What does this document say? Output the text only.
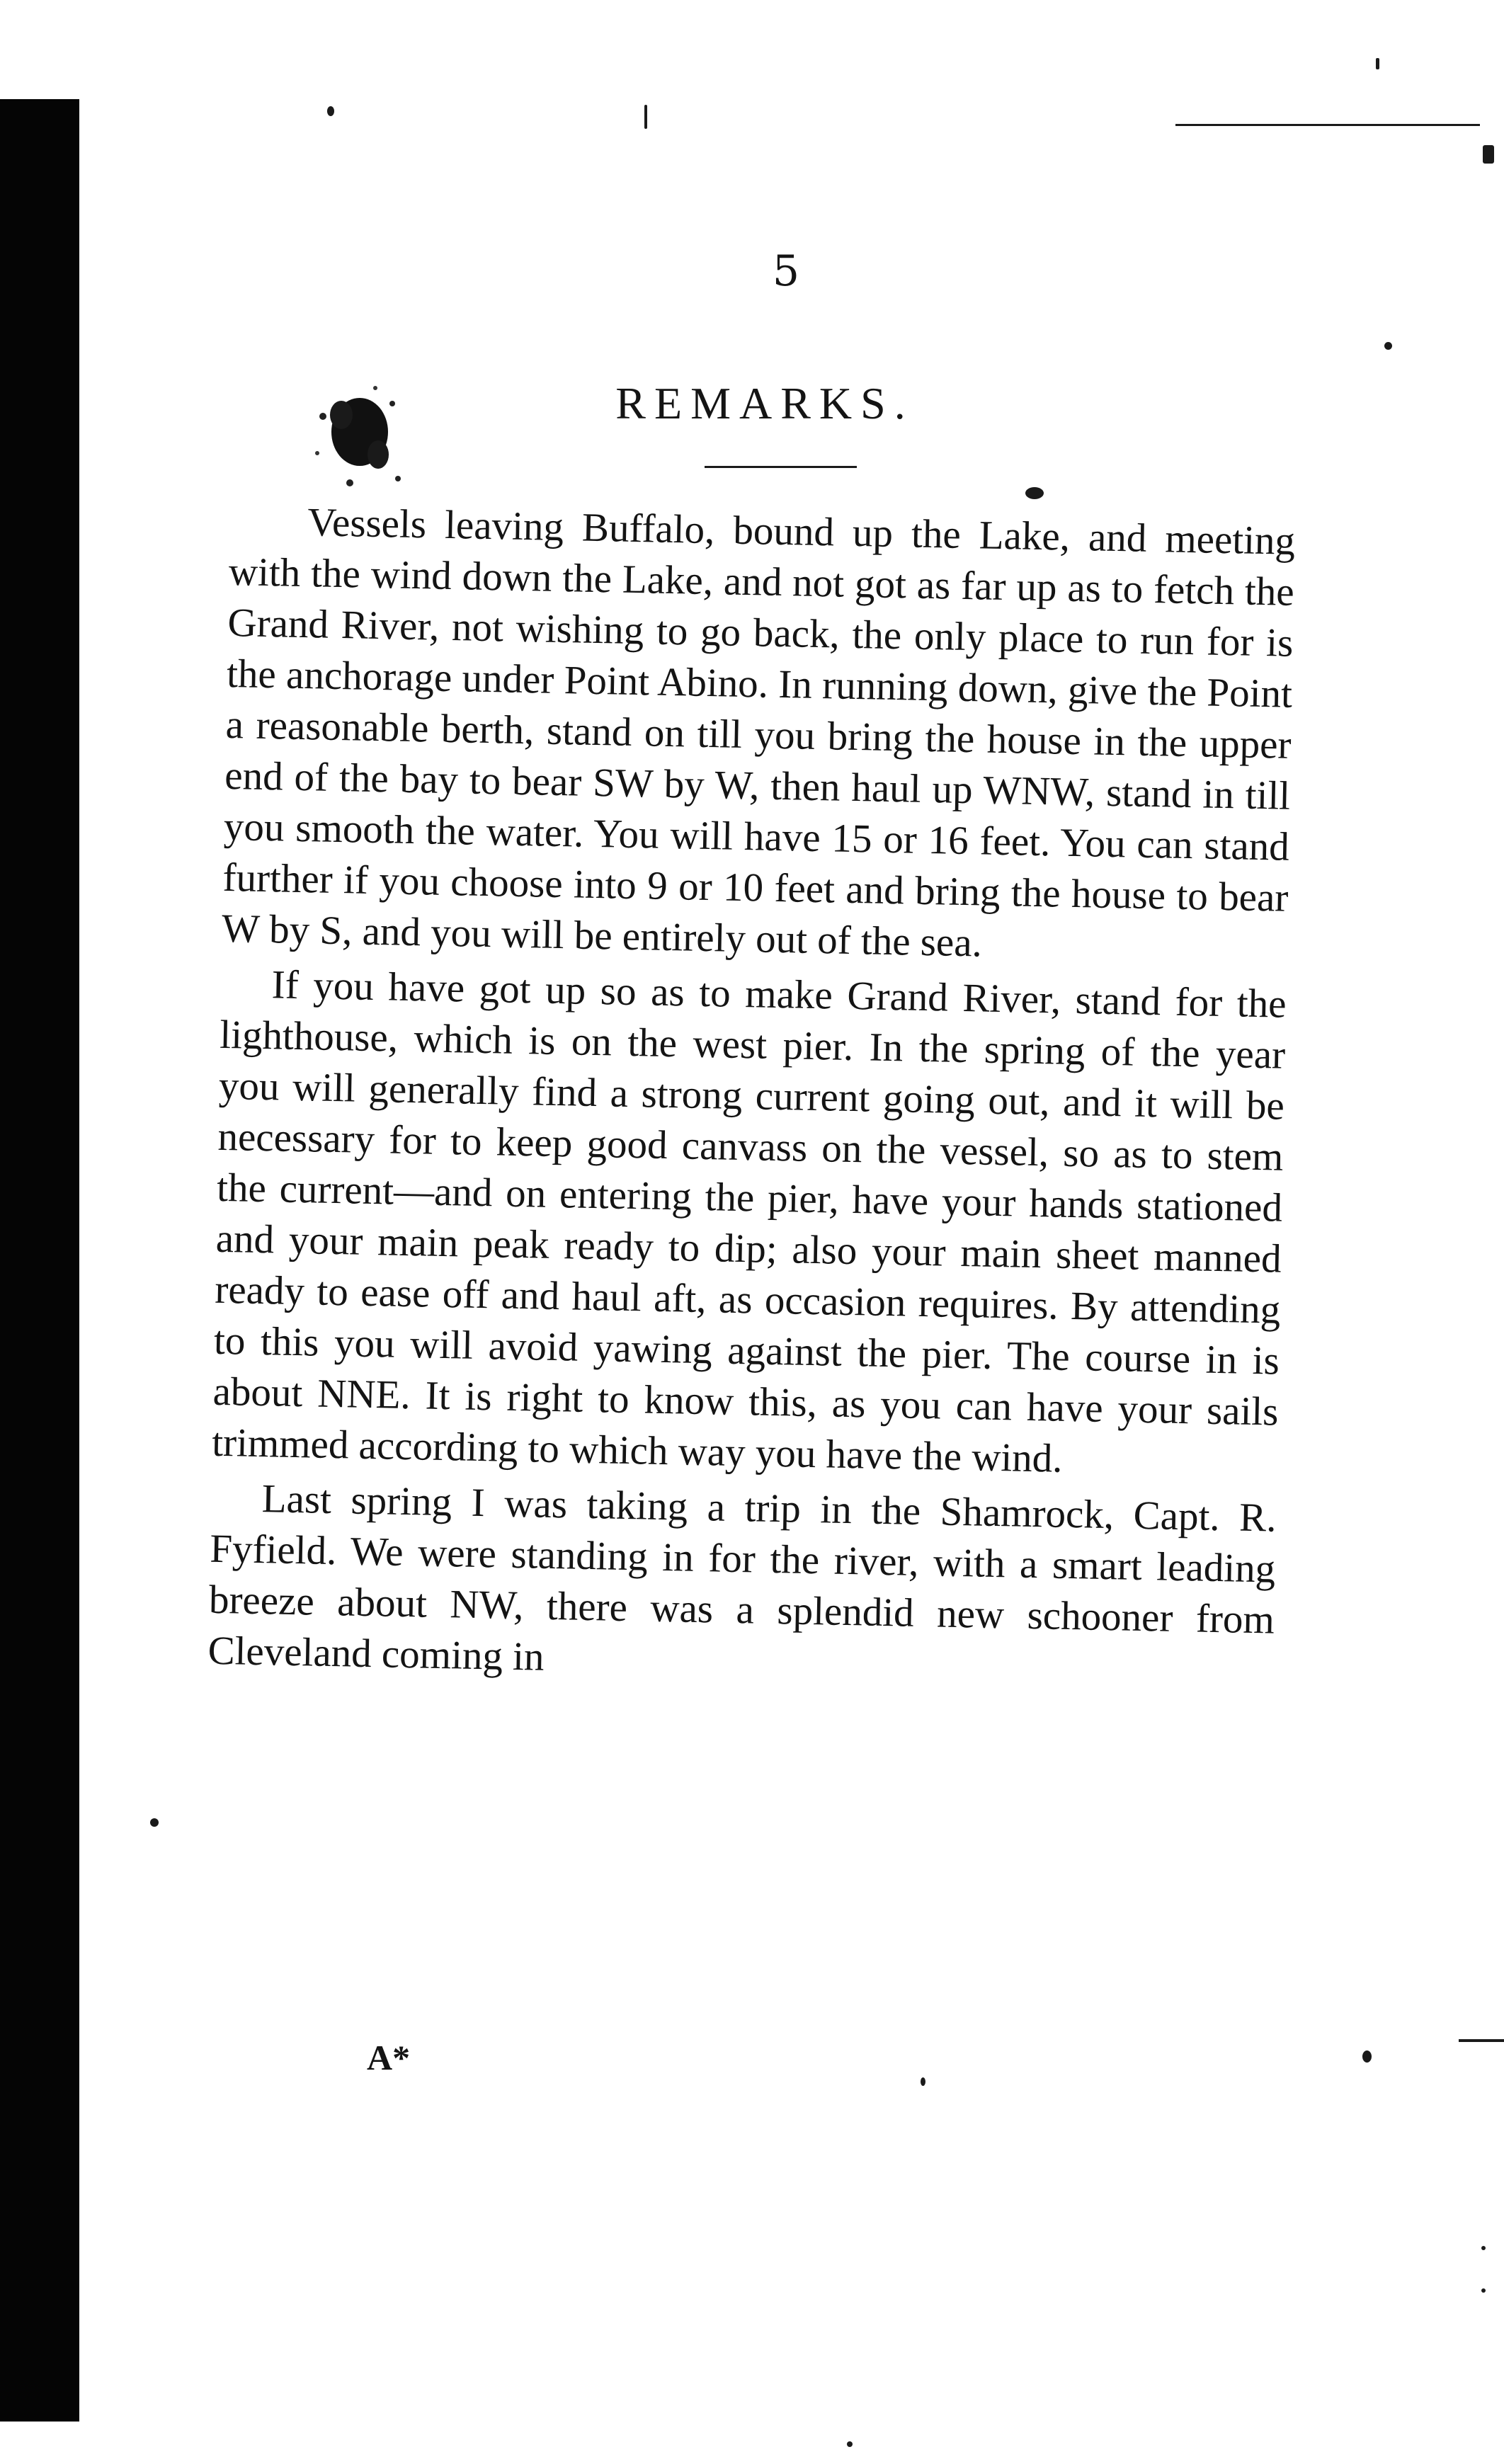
5
REMARKS.

Vessels leaving Buffalo, bound up the Lake, and meeting with the wind down the Lake, and not got as far up as to fetch the Grand River, not wishing to go back, the only place to run for is the anchorage under Point Abino. In running down, give the Point a reasonable berth, stand on till you bring the house in the upper end of the bay to bear SW by W, then haul up WNW, stand in till you smooth the water. You will have 15 or 16 feet. You can stand further if you choose into 9 or 10 feet and bring the house to bear W by S, and you will be entirely out of the sea.

If you have got up so as to make Grand River, stand for the lighthouse, which is on the west pier. In the spring of the year you will generally find a strong current going out, and it will be necessary for to keep good canvass on the vessel, so as to stem the current—and on entering the pier, have your hands stationed and your main peak ready to dip; also your main sheet manned ready to ease off and haul aft, as occasion requires. By attending to this you will avoid yawing against the pier. The course in is about NNE. It is right to know this, as you can have your sails trimmed according to which way you have the wind.

Last spring I was taking a trip in the Shamrock, Capt. R. Fyfield. We were standing in for the river, with a smart leading breeze about NW, there was a splendid new schooner from Cleveland coming in

A*
